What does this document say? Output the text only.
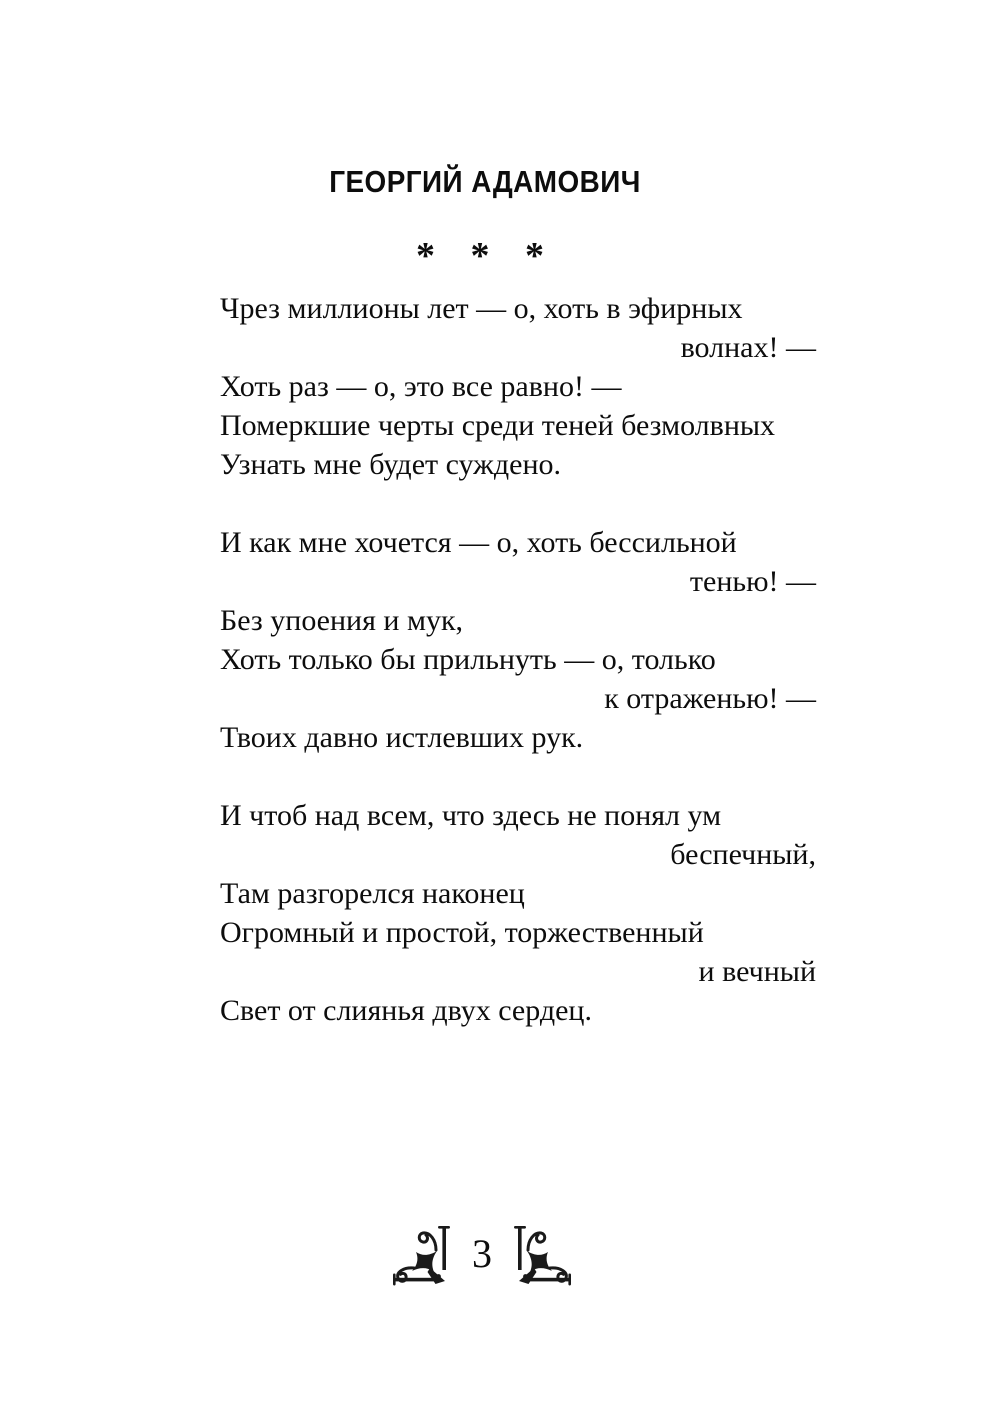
ГЕОРГИЙ АДАМОВИЧ
* * *
Чрез миллионы лет — о, хоть в эфирных
волнах! —
Хоть раз — о, это все равно! —
Померкшие черты среди теней безмолвных
Узнать мне будет суждено.
И как мне хочется — о, хоть бессильной
тенью! —
Без упоения и мук,
Хоть только бы прильнуть — о, только
к отраженью! —
Твоих давно истлевших рук.
И чтоб над всем, что здесь не понял ум
беспечный,
Там разгорелся наконец
Огромный и простой, торжественный
и вечный
Свет от слиянья двух сердец.
3
